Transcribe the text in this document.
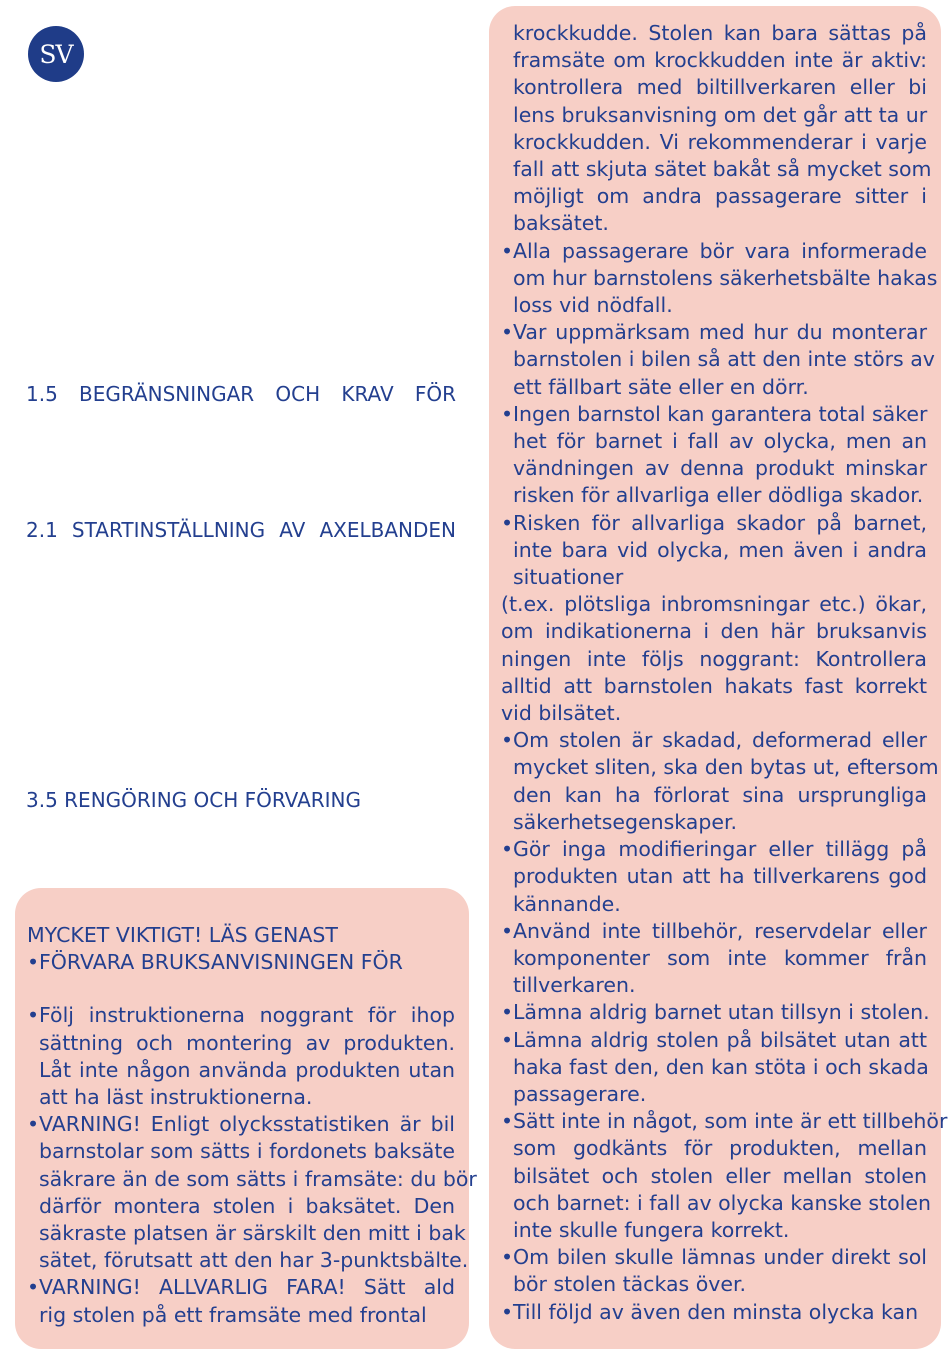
SV
1.5 BEGRÄNSNINGAR OCH KRAV FÖR
2.1 STARTINSTÄLLNING AV AXELBANDEN
3.5 RENGÖRING OCH FÖRVARING
MYCKET VIKTIGT! LÄS GENAST
• FÖRVARA BRUKSANVISNINGEN FÖR
• Följ instruktionerna noggrant för ihop
sättning och montering av produkten.
Låt inte någon använda produkten utan
att ha läst instruktionerna.
• VARNING! Enligt olycksstatistiken är bil
barnstolar som sätts i fordonets baksäte
säkrare än de som sätts i framsäte: du bör
därför montera stolen i baksätet. Den
säkraste platsen är särskilt den mitt i bak
sätet, förutsatt att den har 3-punktsbälte.
• VARNING! ALLVARLIG FARA! Sätt ald
rig stolen på ett framsäte med frontal
krockkudde. Stolen kan bara sättas på
framsäte om krockkudden inte är aktiv:
kontrollera med biltillverkaren eller bi
lens bruksanvisning om det går att ta ur
krockkudden. Vi rekommenderar i varje
fall att skjuta sätet bakåt så mycket som
möjligt om andra passagerare sitter i
baksätet.
• Alla passagerare bör vara informerade
om hur barnstolens säkerhetsbälte hakas
loss vid nödfall.
• Var uppmärksam med hur du monterar
barnstolen i bilen så att den inte störs av
ett fällbart säte eller en dörr.
• Ingen barnstol kan garantera total säker
het för barnet i fall av olycka, men an
vändningen av denna produkt minskar
risken för allvarliga eller dödliga skador.
• Risken för allvarliga skador på barnet,
inte bara vid olycka, men även i andra
situationer
(t.ex. plötsliga inbromsningar etc.) ökar,
om indikationerna i den här bruksanvis
ningen inte följs noggrant: Kontrollera
alltid att barnstolen hakats fast korrekt
vid bilsätet.
• Om stolen är skadad, deformerad eller
mycket sliten, ska den bytas ut, eftersom
den kan ha förlorat sina ursprungliga
säkerhetsegenskaper.
• Gör inga modifieringar eller tillägg på
produkten utan att ha tillverkarens god
kännande.
• Använd inte tillbehör, reservdelar eller
komponenter som inte kommer från
tillverkaren.
• Lämna aldrig barnet utan tillsyn i stolen.
• Lämna aldrig stolen på bilsätet utan att
haka fast den, den kan stöta i och skada
passagerare.
• Sätt inte in något, som inte är ett tillbehör
som godkänts för produkten, mellan
bilsätet och stolen eller mellan stolen
och barnet: i fall av olycka kanske stolen
inte skulle fungera korrekt.
• Om bilen skulle lämnas under direkt sol
bör stolen täckas över.
• Till följd av även den minsta olycka kan
